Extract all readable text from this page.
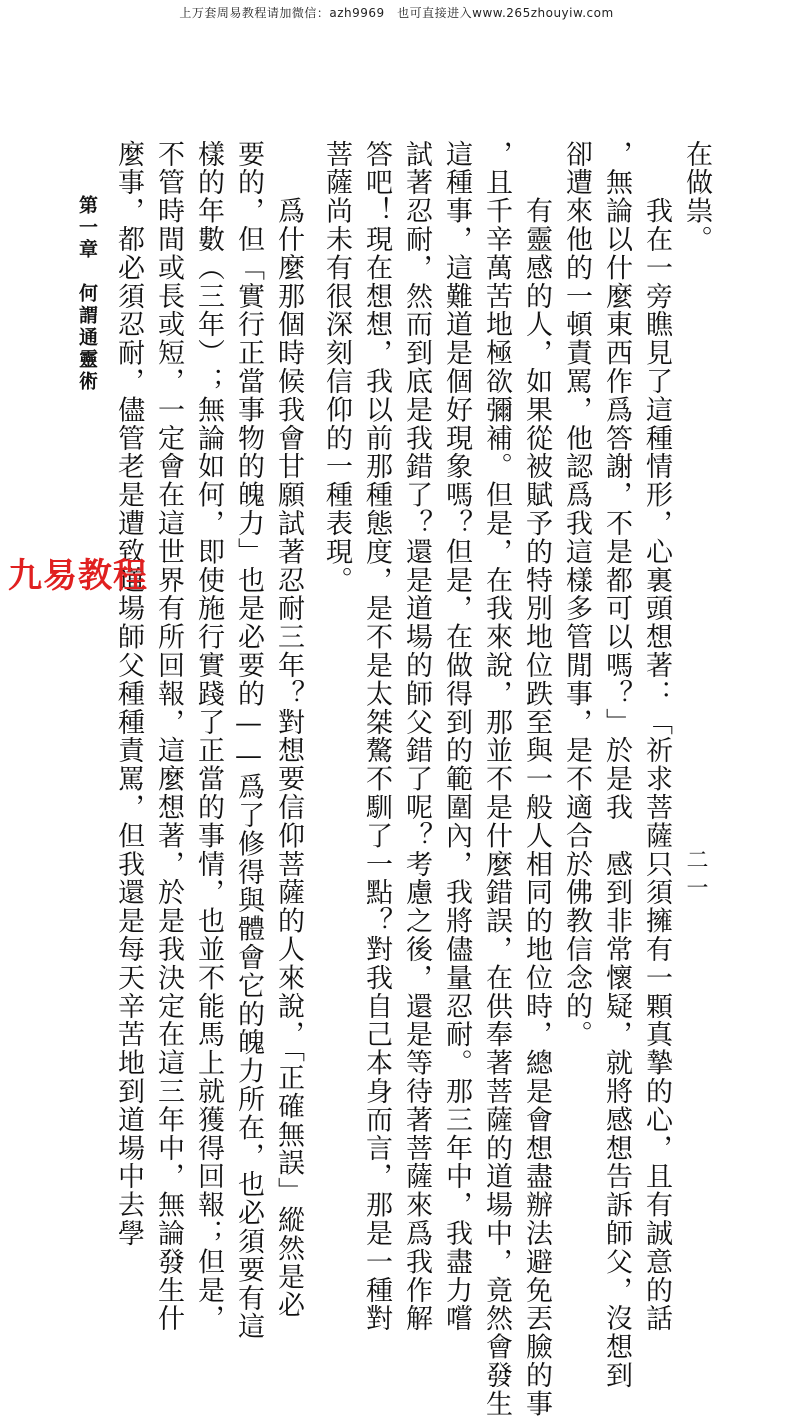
上万套周易教程请加微信：azh9969　也可直接进入www.265zhouyiw.com
在做祟。
　　我在一旁瞧見了這種情形，心裏頭想著：「祈求菩薩只須擁有一顆真摯的心，且有誠意的話
，無論以什麼東西作爲答謝，不是都可以嗎？」於是我　感到非常懷疑，就將感想告訴師父，沒想到
卻遭來他的一頓責罵，他認爲我這樣多管閒事，是不適合於佛教信念的。
　　有靈感的人，如果從被賦予的特別地位跌至與一般人相同的地位時，總是會想盡辦法避免丟臉的事
，且千辛萬苦地極欲彌補。但是，在我來說，那並不是什麼錯誤，在供奉著菩薩的道場中，竟然會發生
這種事，這難道是個好現象嗎？但是，在做得到的範圍內，我將儘量忍耐。那三年中，我盡力嚐
試著忍耐，然而到底是我錯了？還是道場的師父錯了呢？考慮之後，還是等待著菩薩來爲我作解
答吧！現在想想，我以前那種態度，是不是太桀驁不馴了一點？對我自己本身而言，那是一種對
菩薩尚未有很深刻信仰的一種表現。
　　爲什麼那個時候我會甘願試著忍耐三年？對想要信仰菩薩的人來說，「正確無誤」縱然是必
要的，但「實行正當事物的魄力」也是必要的——爲了修得與體會它的魄力所在，也必須要有這
樣的年數（三年）；無論如何，即使施行實踐了正當的事情，也並不能馬上就獲得回報；但是，
不管時間或長或短，一定會在這世界有所回報，這麼想著，於是我決定在這三年中，無論發生什
麼事，都必須忍耐，儘管老是遭致道場師父種種責罵，但我還是每天辛苦地到道場中去學
第一章　何謂通靈術
二一
九易教程
